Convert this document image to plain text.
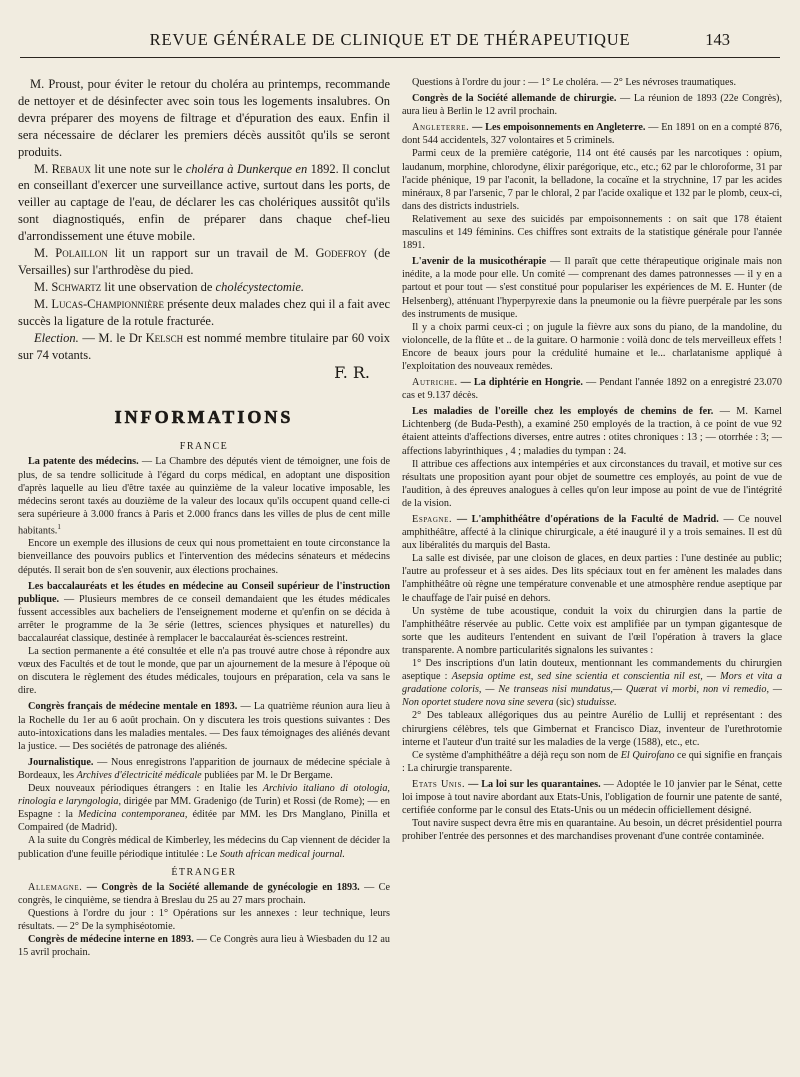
REVUE GÉNÉRALE DE CLINIQUE ET DE THÉRAPEUTIQUE	143

M. Proust, pour éviter le retour du choléra au printemps, recommande de nettoyer et de désinfecter avec soin tous les logements insalubres. On devra préparer des moyens de filtrage et d'épuration des eaux. Enfin il sera nécessaire de déclarer les premiers décès aussitôt qu'ils se seront produits.

M. Rebaux lit une note sur le choléra à Dunkerque en 1892. Il conclut en conseillant d'exercer une surveillance active, surtout dans les ports, de veiller au captage de l'eau, de déclarer les cas cholériques aussitôt qu'ils sont diagnostiqués, enfin de préparer dans chaque chef-lieu d'arrondissement une étuve mobile.

M. Polaillon lit un rapport sur un travail de M. Godefroy (de Versailles) sur l'arthrodèse du pied.

M. Schwartz lit une observation de cholécystectomie.

M. Lucas-Championnière présente deux malades chez qui il a fait avec succès la ligature de la rotule fracturée.

Election. — M. le Dr Kelsch est nommé membre titulaire par 60 voix sur 74 votants.

F. R.
INFORMATIONS
FRANCE

La patente des médecins. — La Chambre des députés vient de témoigner, une fois de plus, de sa tendre sollicitude à l'égard du corps médical, en adoptant une disposition d'après laquelle au lieu d'être taxée au quinzième de la valeur locative imposable, les médecins seront taxés au douzième de la valeur des locaux qu'ils occupent quand celle-ci sera supérieure à 3.000 francs à Paris et 2.000 francs dans les villes de plus de cent mille habitants.$^1$

Encore un exemple des illusions de ceux qui nous promettaient en toute circonstance la bienveillance des pouvoirs publics et l'intervention des médecins sénateurs et médecins députés. Il serait bon de s'en souvenir, aux élections prochaines.

Les baccalauréats et les études en médecine au Conseil supérieur de l'instruction publique. — Plusieurs membres de ce conseil demandaient que les études médicales fussent accessibles aux bacheliers de l'enseignement moderne et qu'enfin on se décida à arrêter le programme de la 3e série (lettres, sciences physiques et naturelles) du baccalauréat classique, destinée à remplacer le baccalauréat ès-sciences restreint.

La section permanente a été consultée et elle n'a pas trouvé autre chose à répondre aux vœux des Facultés et de tout le monde, que par un ajournement de la mesure à l'époque où on discutera le règlement des études médicales, toujours en préparation, cela va sans le dire.

Congrès français de médecine mentale en 1893. — La quatrième réunion aura lieu à la Rochelle du 1er au 6 août prochain. On y discutera les trois questions suivantes : Des auto-intoxications dans les maladies mentales. — Des faux témoignages des aliénés devant la justice. — Des sociétés de patronage des aliénés.

Journalistique. — Nous enregistrons l'apparition de journaux de médecine spéciale à Bordeaux, les Archives d'électricité médicale publiées par M. le Dr Bergame.

Deux nouveaux périodiques étrangers : en Italie les Archivio italiano di otologia, rinologia e laryngologia, dirigée par MM. Gradenigo (de Turin) et Rossi (de Rome); — en Espagne : la Medicina contemporanea, éditée par MM. les Drs Manglano, Pinilla et Compaired (de Madrid).

A la suite du Congrès médical de Kimberley, les médecins du Cap viennent de décider la publication d'une feuille périodique intitulée : Le South african medical journal.

ÉTRANGER

Allemagne. — Congrès de la Société allemande de gynécologie en 1893. — Ce congrès, le cinquième, se tiendra à Breslau du 25 au 27 mars prochain.

Questions à l'ordre du jour : 1° Opérations sur les annexes : leur technique, leurs résultats. — 2° De la symphiséotomie.

Congrès de médecine interne en 1893. — Ce Congrès aura lieu à Wiesbaden du 12 au 15 avril prochain.

Questions à l'ordre du jour : — 1° Le choléra. — 2° Les névroses traumatiques.

Congrès de la Société allemande de chirurgie. — La réunion de 1893 (22e Congrès), aura lieu à Berlin le 12 avril prochain.

Angleterre. — Les empoisonnements en Angleterre. — En 1891 on en a compté 876, dont 544 accidentels, 327 volontaires et 5 criminels.

Parmi ceux de la première catégorie, 114 ont été causés par les narcotiques : opium, laudanum, morphine, chlorodyne, élixir parégorique, etc., etc.; 62 par le chloroforme, 31 par l'acide phénique, 19 par l'aconit, la belladone, la cocaïne et la strychnine, 17 par les acides minéraux, 8 par l'arsenic, 7 par le chloral, 2 par l'acide oxalique et 132 par le plomb, ceux-ci, dans des districts industriels.

Relativement au sexe des suicidés par empoisonnements : on sait que 178 étaient masculins et 149 féminins. Ces chiffres sont extraits de la statistique générale pour l'année 1891.

L'avenir de la musicothérapie — Il paraît que cette thérapeutique originale mais non inédite, a la mode pour elle. Un comité — comprenant des dames patronnesses — il y en a partout et pour tout — s'est constitué pour populariser les expériences de M. E. Hunter (de Helsenberg), atténuant l'hyperpyrexie dans la pneumonie ou la fièvre puerpérale par les sons des instruments de musique.

Il y a choix parmi ceux-ci ; on jugule la fièvre aux sons du piano, de la mandoline, du violoncelle, de la flûte et .. de la guitare. O harmonie : voilà donc de tels merveilleux effets ! Encore de beaux jours pour la crédulité humaine et le... charlatanisme appliqué à l'exploitation des nouveaux remèdes.

Autriche. — La diphtérie en Hongrie. — Pendant l'année 1892 on a enregistré 23.070 cas et 9.137 décès.

Les maladies de l'oreille chez les employés de chemins de fer. — M. Karnel Lichtenberg (de Buda-Pesth), a examiné 250 employés de la traction, à ce point de vue 92 étaient atteints d'affections diverses, entre autres : otites chroniques : 13 ; — otorrhée : 3; — affections labyrinthiques , 4 ; maladies du tympan : 24.

Il attribue ces affections aux intempéries et aux circonstances du travail, et motive sur ces résultats une proposition ayant pour objet de soumettre ces employés, au point de vue de l'audition, à des épreuves analogues à celles qu'on leur impose au point de vue de l'intégrité de la vision.

Espagne. — L'amphithéâtre d'opérations de la Faculté de Madrid. — Ce nouvel amphithéâtre, affecté à la clinique chirurgicale, a été inauguré il y a trois semaines. Il est dû aux libéralités du marquis del Basta.

La salle est divisée, par une cloison de glaces, en deux parties : l'une destinée au public; l'autre au professeur et à ses aides. Des lits spéciaux tout en fer amènent les malades dans l'amphithéâtre où règne une température convenable et une atmosphère rendue aseptique par le chauffage de l'air puisé en dehors.

Un système de tube acoustique, conduit la voix du chirurgien dans la partie de l'amphithéâtre réservée au public. Cette voix est amplifiée par un tympan gigantesque de sorte que les auditeurs l'entendent en suivant de l'œil l'opération à travers la glace transparente. A nombre particularités signalons les suivantes :

1° Des inscriptions d'un latin douteux, mentionnant les commandements du chirurgien aseptique : Asepsia optime est, sed sine scientia et conscientia nil est, — Mors et vita a gradatione coloris, — Ne transeas nisi mundatus,— Quærat vi morbi, non vi remedio, — Non oportet studere nova sine severa (sic) studuisse.

2° Des tableaux allégoriques dus au peintre Aurélio de Lullij et représentant : des chirurgiens célèbres, tels que Gimbernat et Francisco Diaz, inventeur de l'urethrotomie interne et l'auteur d'un traité sur les maladies de la verge (1588), etc., etc.

Ce système d'amphithéâtre a déjà reçu son nom de El Quirofano ce qui signifie en français : La chirurgie transparente.

Etats Unis. — La loi sur les quarantaines. — Adoptée le 10 janvier par le Sénat, cette loi impose à tout navire abordant aux Etats-Unis, l'obligation de fournir une patente de santé, certifiée conforme par le consul des Etats-Unis ou un médecin officiellement désigné.

Tout navire suspect devra être mis en quarantaine. Au besoin, un décret présidentiel pourra prohiber l'entrée des personnes et des marchandises provenant d'une contrée contaminée.
